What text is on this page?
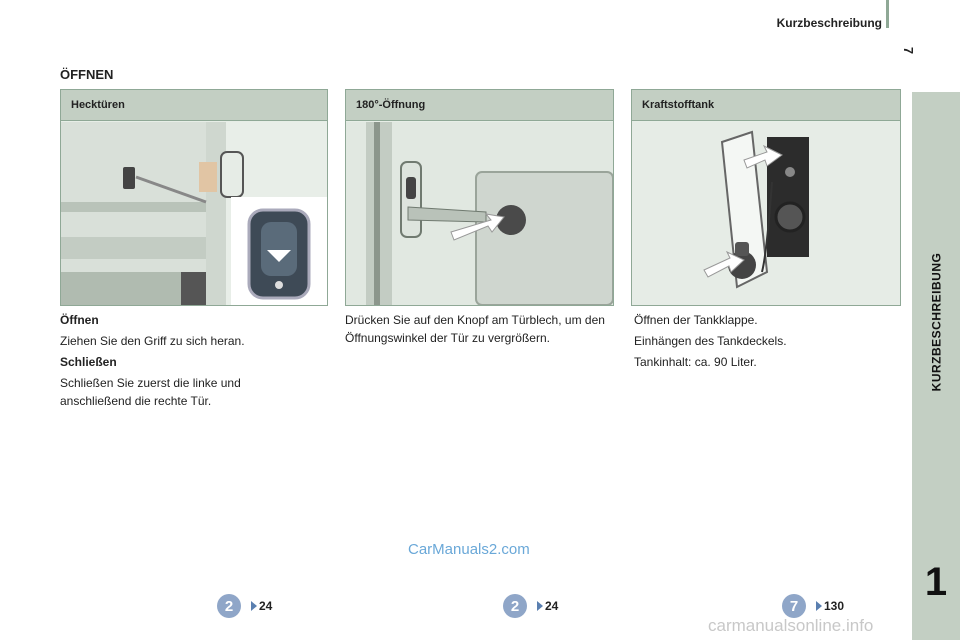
Kurzbeschreibung
7
KURZBESCHREIBUNG
1
ÖFFNEN
Hecktüren	180°-Öffnung	Kraftstofftank

Öffnen

Ziehen Sie den Griff zu sich heran.

Schließen

Schließen Sie zuerst die linke und anschließend die rechte Tür.

Drücken Sie auf den Knopf am Türblech, um den Öffnungswinkel der Tür zu vergrößern.

Öffnen der Tankklappe.

Einhängen des Tankdeckels.

Tankinhalt: ca. 90 Liter.

2	24	2	24	7	130
CarManuals2.com
carmanualsonline.info
